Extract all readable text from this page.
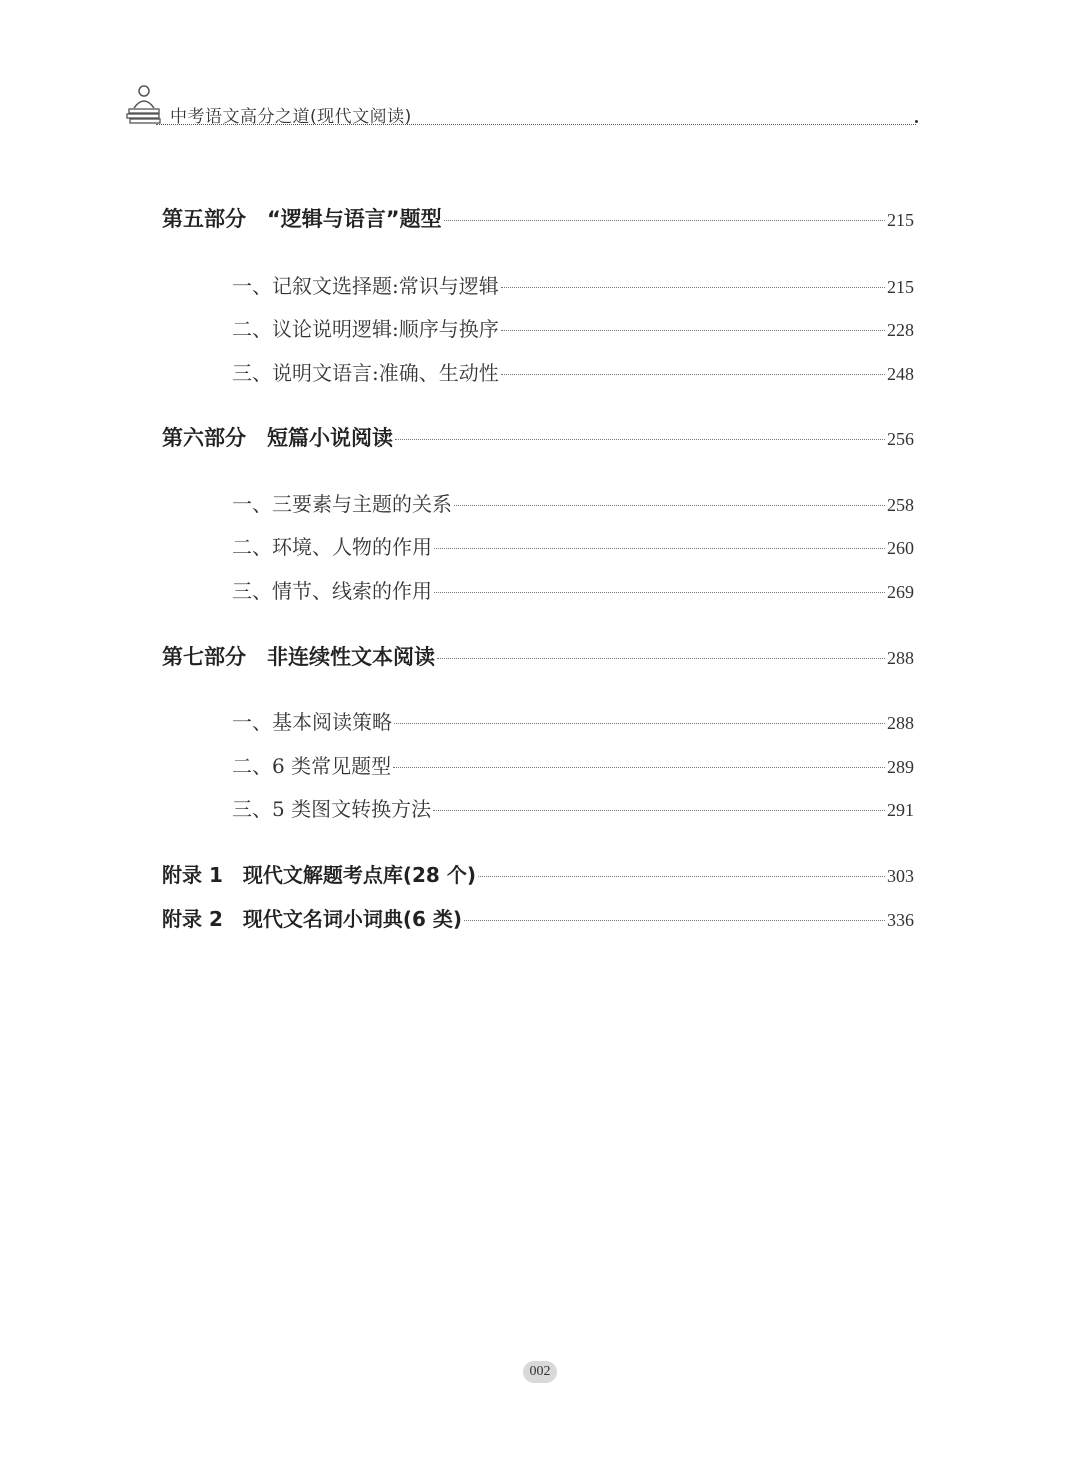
中考语文高分之道(现代文阅读)
第五部分　“逻辑与语言”题型	215
一、记叙文选择题:常识与逻辑	215
二、议论说明逻辑:顺序与换序	228
三、说明文语言:准确、生动性	248
第六部分　短篇小说阅读	256
一、三要素与主题的关系	258
二、环境、人物的作用	260
三、情节、线索的作用	269
第七部分　非连续性文本阅读	288
一、基本阅读策略	288
二、6 类常见题型	289
三、5 类图文转换方法	291
附录 1　现代文解题考点库(28 个)	303
附录 2　现代文名词小词典(6 类)	336
002
